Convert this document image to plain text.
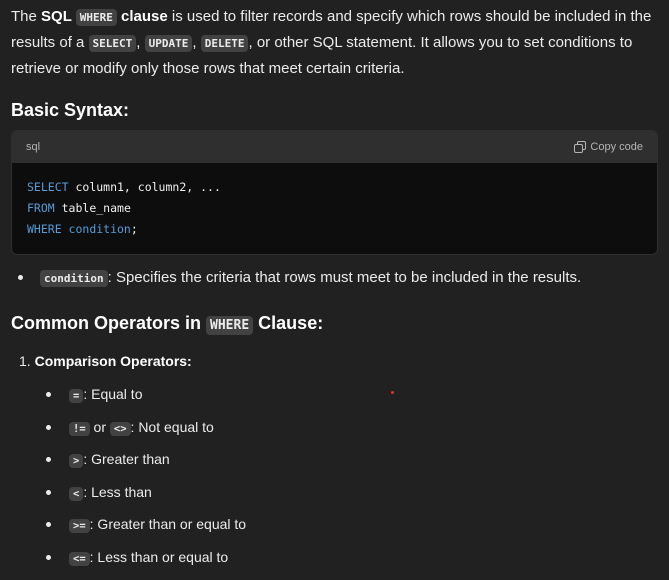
The SQL WHERE clause is used to filter records and specify which rows should be included in the results of a SELECT , UPDATE , DELETE , or other SQL statement. It allows you to set conditions to retrieve or modify only those rows that meet certain criteria.

Basic Syntax:
sql	Copy code
SELECT column1, column2, ...
FROM table_name
WHERE condition;
condition : Specifies the criteria that rows must meet to be included in the results.
Common Operators in WHERE Clause:
1. Comparison Operators:
= : Equal to
!= or <> : Not equal to
> : Greater than
< : Less than
>= : Greater than or equal to
<= : Less than or equal to
